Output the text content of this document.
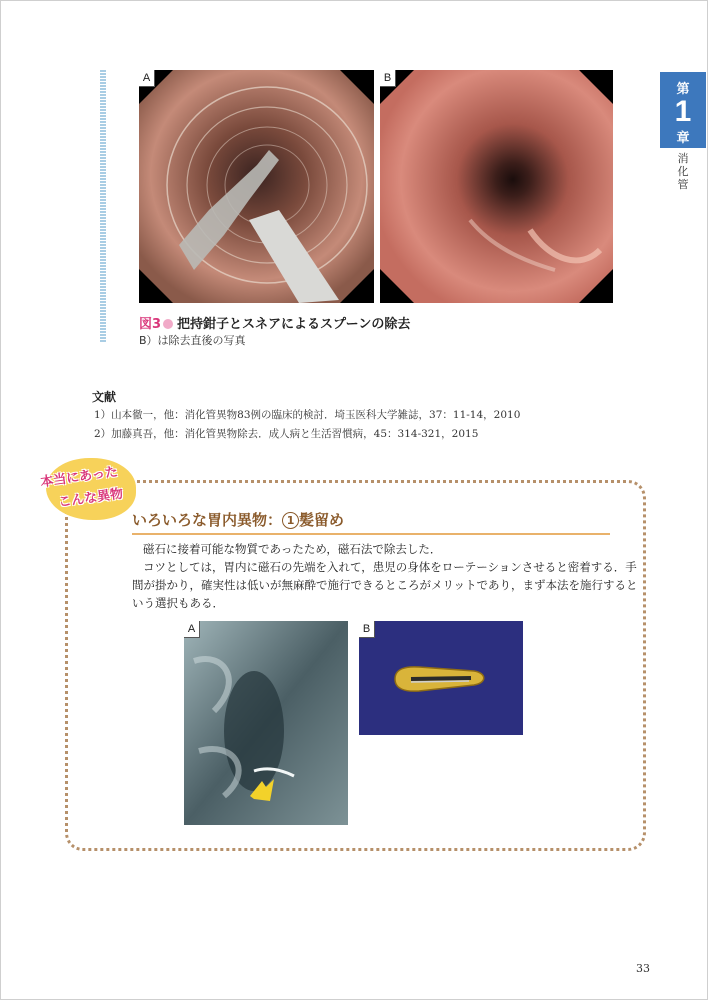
第
1
章
消化管
A	B
図3 把持鉗子とスネアによるスプーンの除去
B）は除去直後の写真
文献
1）山本徹一，他：消化管異物83例の臨床的検討．埼玉医科大学雑誌，37：11-14，2010
2）加藤真吾，他：消化管異物除去．成人病と生活習慣病，45：314-321，2015
本当にあった
こんな異物
いろいろな胃内異物： 1 髪留め
磁石に接着可能な物質であったため，磁石法で除去した．
コツとしては，胃内に磁石の先端を入れて，患児の身体をローテーションさせると密着する．手
間が掛かり，確実性は低いが無麻酔で施行できるところがメリットであり，まず本法を施行すると
いう選択もある．
A	B
33
